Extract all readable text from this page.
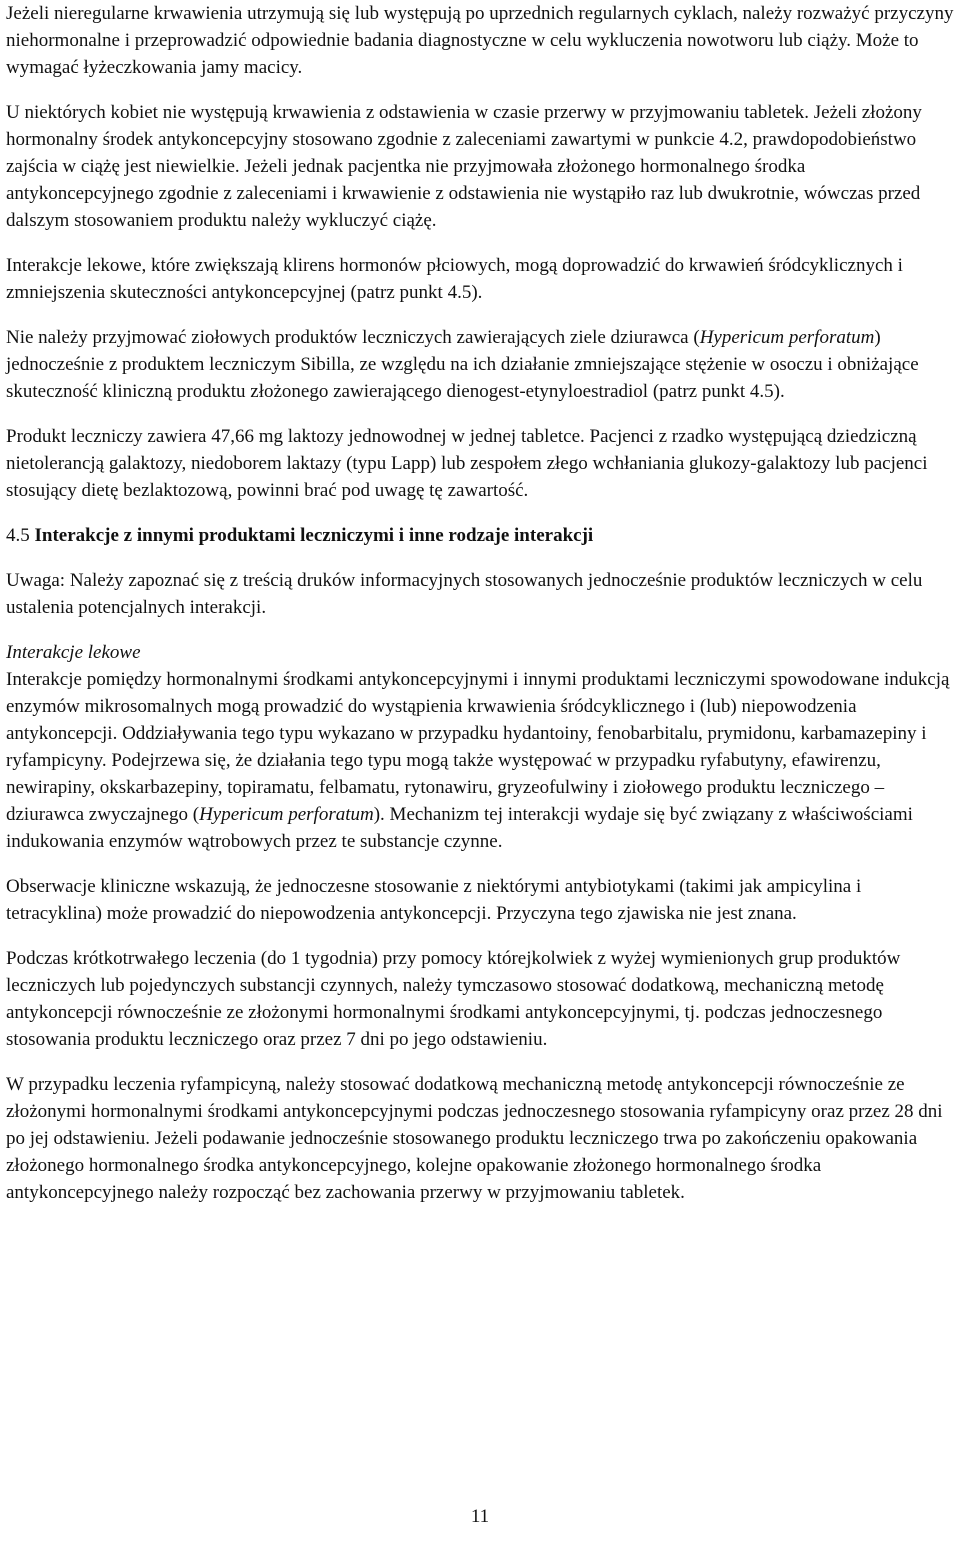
Jeżeli nieregularne krwawienia utrzymują się lub występują po uprzednich regularnych cyklach, należy rozważyć przyczyny niehormonalne i przeprowadzić odpowiednie badania diagnostyczne w celu wykluczenia nowotworu lub ciąży. Może to wymagać łyżeczkowania jamy macicy.

U niektórych kobiet nie występują krwawienia z odstawienia w czasie przerwy w przyjmowaniu tabletek. Jeżeli złożony hormonalny środek antykoncepcyjny stosowano zgodnie z zaleceniami zawartymi w punkcie 4.2, prawdopodobieństwo zajścia w ciążę jest niewielkie. Jeżeli jednak pacjentka nie przyjmowała złożonego hormonalnego środka antykoncepcyjnego zgodnie z zaleceniami i krwawienie z odstawienia nie wystąpiło raz lub dwukrotnie, wówczas przed dalszym stosowaniem produktu należy wykluczyć ciążę.

Interakcje lekowe, które zwiększają klirens hormonów płciowych, mogą doprowadzić do krwawień śródcyklicznych i zmniejszenia skuteczności antykoncepcyjnej (patrz punkt 4.5).

Nie należy przyjmować ziołowych produktów leczniczych zawierających ziele dziurawca (Hypericum perforatum) jednocześnie z produktem leczniczym Sibilla, ze względu na ich działanie zmniejszające stężenie w osoczu i obniżające skuteczność kliniczną produktu złożonego zawierającego dienogest-etynyloestradiol (patrz punkt 4.5).

Produkt leczniczy zawiera 47,66 mg laktozy jednowodnej w jednej tabletce. Pacjenci z rzadko występującą dziedziczną nietolerancją galaktozy, niedoborem laktazy (typu Lapp) lub zespołem złego wchłaniania glukozy-galaktozy lub pacjenci stosujący dietę bezlaktozową, powinni brać pod uwagę tę zawartość.

4.5 Interakcje z innymi produktami leczniczymi i inne rodzaje interakcji

Uwaga: Należy zapoznać się z treścią druków informacyjnych stosowanych jednocześnie produktów leczniczych w celu ustalenia potencjalnych interakcji.

Interakcje lekowe

Interakcje pomiędzy hormonalnymi środkami antykoncepcyjnymi i innymi produktami leczniczymi spowodowane indukcją enzymów mikrosomalnych mogą prowadzić do wystąpienia krwawienia śródcyklicznego i (lub) niepowodzenia antykoncepcji. Oddziaływania tego typu wykazano w przypadku hydantoiny, fenobarbitalu, prymidonu, karbamazepiny i ryfampicyny. Podejrzewa się, że działania tego typu mogą także występować w przypadku ryfabutyny, efawirenzu, newirapiny, okskarbazepiny, topiramatu, felbamatu, rytonawiru, gryzeofulwiny i ziołowego produktu leczniczego – dziurawca zwyczajnego (Hypericum perforatum). Mechanizm tej interakcji wydaje się być związany z właściwościami indukowania enzymów wątrobowych przez te substancje czynne.

Obserwacje kliniczne wskazują, że jednoczesne stosowanie z niektórymi antybiotykami (takimi jak ampicylina i tetracyklina) może prowadzić do niepowodzenia antykoncepcji. Przyczyna tego zjawiska nie jest znana.

Podczas krótkotrwałego leczenia (do 1 tygodnia) przy pomocy którejkolwiek z wyżej wymienionych grup produktów leczniczych lub pojedynczych substancji czynnych, należy tymczasowo stosować dodatkową, mechaniczną metodę antykoncepcji równocześnie ze złożonymi hormonalnymi środkami antykoncepcyjnymi, tj. podczas jednoczesnego stosowania produktu leczniczego oraz przez 7 dni po jego odstawieniu.

W przypadku leczenia ryfampicyną, należy stosować dodatkową mechaniczną metodę antykoncepcji równocześnie ze złożonymi hormonalnymi środkami antykoncepcyjnymi podczas jednoczesnego stosowania ryfampicyny oraz przez 28 dni po jej odstawieniu. Jeżeli podawanie jednocześnie stosowanego produktu leczniczego trwa po zakończeniu opakowania złożonego hormonalnego środka antykoncepcyjnego, kolejne opakowanie złożonego hormonalnego środka antykoncepcyjnego należy rozpocząć bez zachowania przerwy w przyjmowaniu tabletek.

11
